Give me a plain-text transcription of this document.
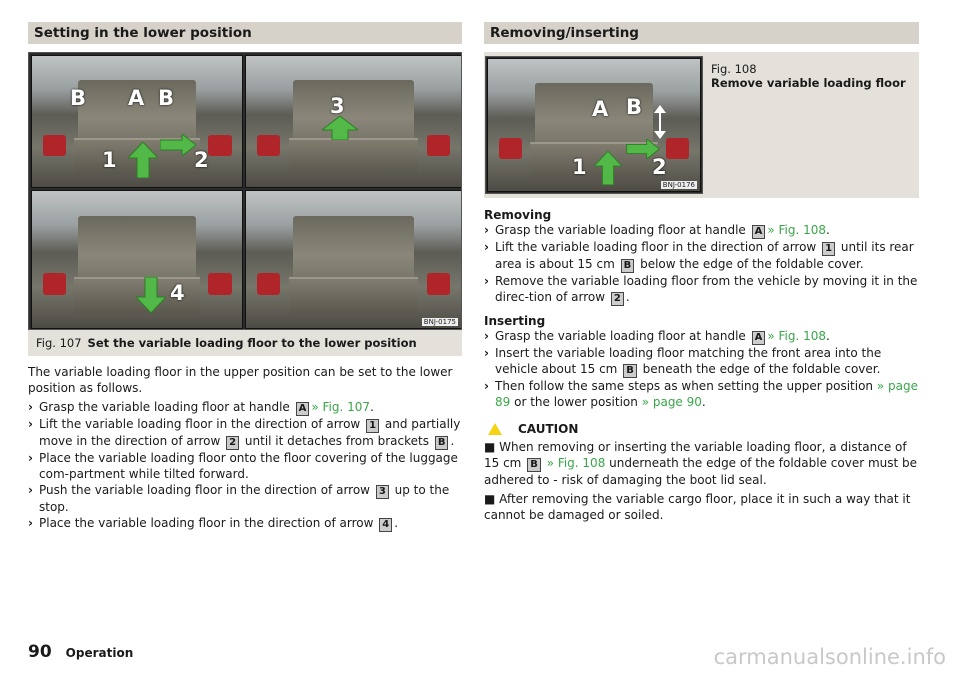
Setting in the lower position
B A B
1	2
3
4
BNJ-0175
Fig. 107 Set the variable loading floor to the lower position

The variable loading floor in the upper position can be set to the lower position as follows.

› Grasp the variable loading floor at handle A » Fig. 107.
› Lift the variable loading floor in the direction of arrow 1 and partially move in the direction of arrow 2 until it detaches from brackets B .
› Place the variable loading floor onto the floor covering of the luggage com-partment while tilted forward.
› Push the variable loading floor in the direction of arrow 3 up to the stop.
› Place the variable loading floor in the direction of arrow 4 .
Removing/inserting
A B
1	2
BNJ-0176
Fig. 108
Remove variable loading floor
Removing
› Grasp the variable loading floor at handle A » Fig. 108.
› Lift the variable loading floor in the direction of arrow 1 until its rear area is about 15 cm B below the edge of the foldable cover.
› Remove the variable loading floor from the vehicle by moving it in the direc-tion of arrow 2 .
Inserting
› Grasp the variable loading floor at handle A » Fig. 108.
› Insert the variable loading floor matching the front area into the vehicle about 15 cm B beneath the edge of the foldable cover.
› Then follow the same steps as when setting the upper position » page 89 or the lower position » page 90.
CAUTION
■ When removing or inserting the variable loading floor, a distance of 15 cm B » Fig. 108 underneath the edge of the foldable cover must be adhered to - risk of damaging the boot lid seal.
■ After removing the variable cargo floor, place it in such a way that it cannot be damaged or soiled.
90 Operation	carmanualsonline.info
